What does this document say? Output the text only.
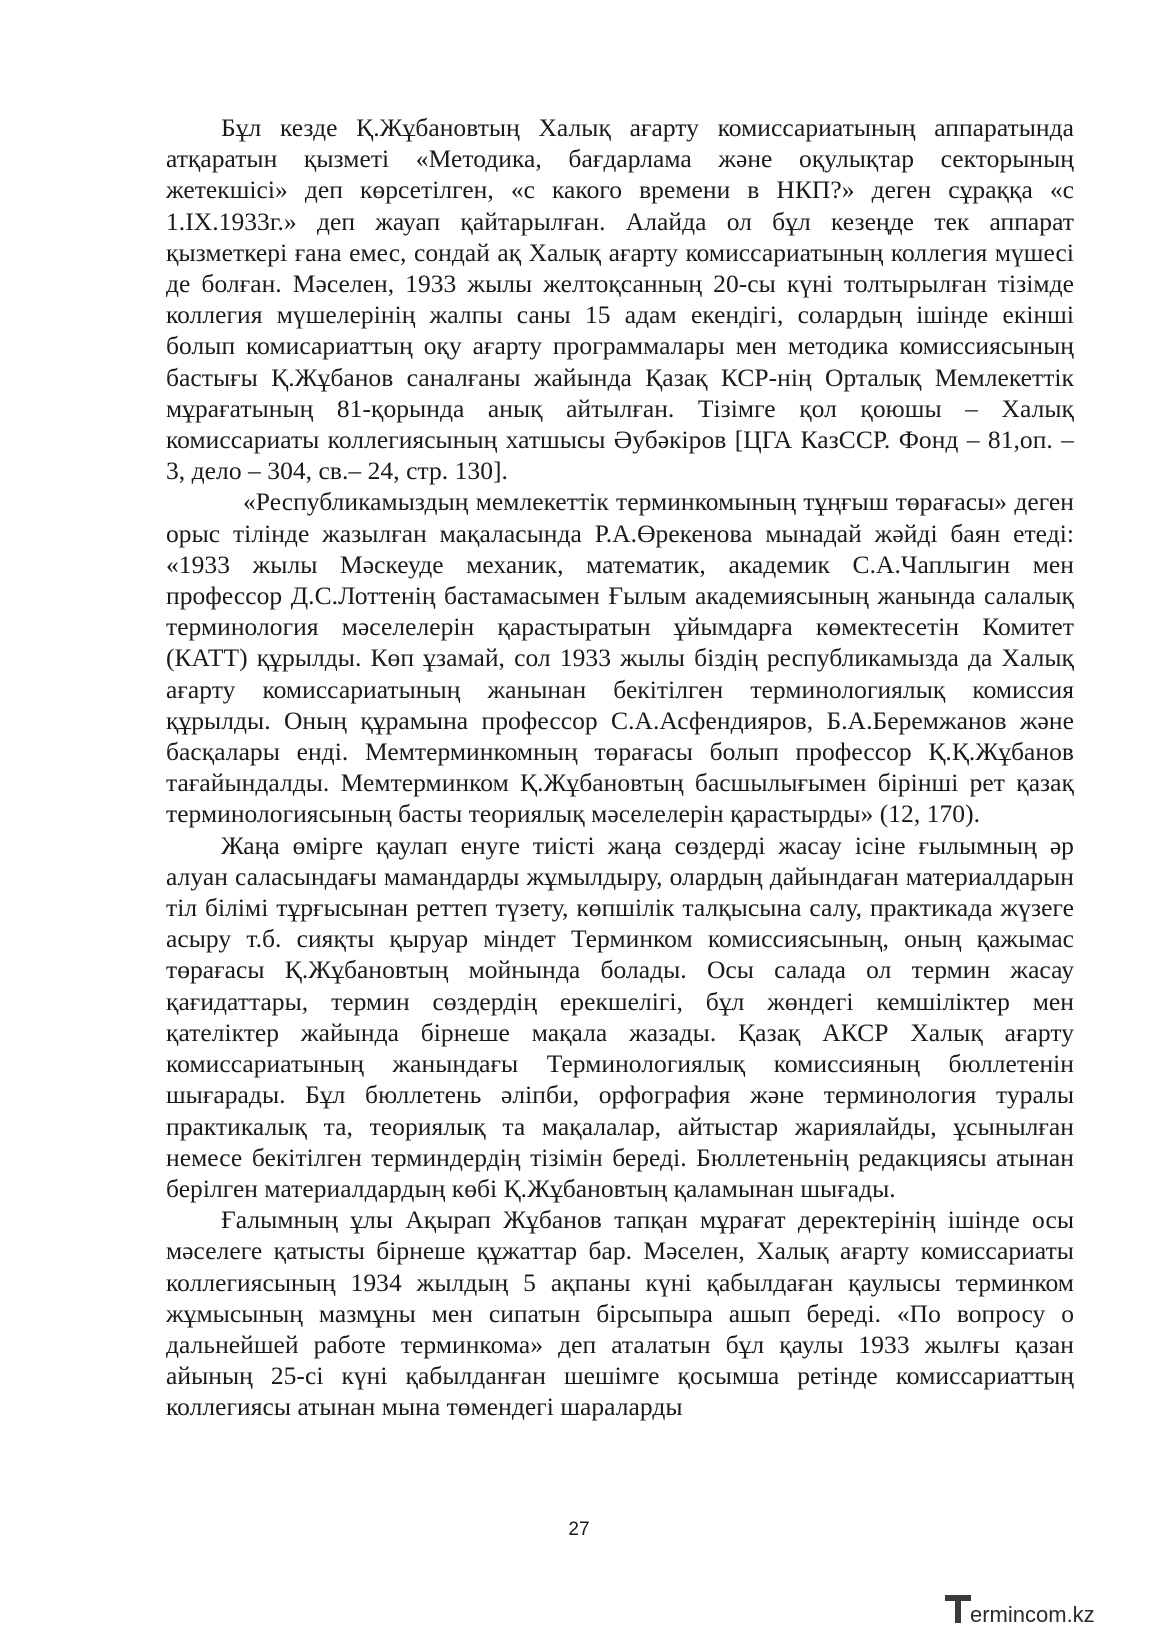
Бұл кезде Қ.Жұбановтың Халық ағарту комиссариатының аппаратында атқаратын қызметі «Методика, бағдарлама және оқулықтар секторының жетекшісі» деп көрсетілген, «с какого времени в НКП?» деген сұраққа «с 1.IX.1933г.» деп жауап қайтарылған. Алайда ол бұл кезеңде тек аппарат қызметкері ғана емес, сондай ақ Халық ағарту комиссариатының коллегия мүшесі де болған. Мәселен, 1933 жылы желтоқсанның 20-сы күні толтырылған тізімде коллегия мүшелерінің жалпы саны 15 адам екендігі, солардың ішінде екінші болып комисариаттың оқу ағарту программалары мен методика комиссиясының бастығы Қ.Жұбанов саналғаны жайында Қазақ КСР-нің Орталық Мемлекеттік мұрағатының 81-қорында анық айтылған. Тізімге қол қоюшы – Халық комиссариаты коллегиясының хатшысы Әубәкіров [ЦГА КазССР. Фонд – 81,оп. – 3, дело – 304, св.– 24, стр. 130].

«Республикамыздың мемлекеттік терминкомының тұңғыш төрағасы» деген орыс тілінде жазылған мақаласында Р.А.Өрекенова мынадай жәйді баян етеді: «1933 жылы Мәскеуде механик, математик, академик С.А.Чаплыгин мен профессор Д.С.Лоттенің бастамасымен Ғылым академиясының жанында салалық терминология мәселелерін қарастыратын ұйымдарға көмектесетін Комитет (КАТТ) құрылды. Көп ұзамай, сол 1933 жылы біздің республикамызда да Халық ағарту комиссариатының жанынан бекітілген терминологиялық комиссия құрылды. Оның құрамына профессор С.А.Асфендияров, Б.А.Беремжанов және басқалары енді. Мемтерминкомның төрағасы болып профессор Қ.Қ.Жұбанов тағайындалды. Мемтерминком Қ.Жұбановтың басшылығымен бірінші рет қазақ терминологиясының басты теориялық мәселелерін қарастырды» (12, 170).

Жаңа өмірге қаулап енуге тиісті жаңа сөздерді жасау ісіне ғылымның әр алуан саласындағы мамандарды жұмылдыру, олардың дайындаған материалдарын тіл білімі тұрғысынан реттеп түзету, көпшілік талқысына салу, практикада жүзеге асыру т.б. сияқты қыруар міндет Терминком комиссиясының, оның қажымас төрағасы Қ.Жұбановтың мойнында болады. Осы салада ол термин жасау қағидаттары, термин сөздердің ерекшелігі, бұл жөндегі кемшіліктер мен қателіктер жайында бірнеше мақала жазады. Қазақ АКСР Халық ағарту комиссариатының жанындағы Терминологиялық комиссияның бюллетенін шығарады. Бұл бюллетень әліпби, орфография және терминология туралы практикалық та, теориялық та мақалалар, айтыстар жариялайды, ұсынылған немесе бекітілген терминдердің тізімін береді. Бюллетеньнің редакциясы атынан берілген материалдардың көбі Қ.Жұбановтың қаламынан шығады.

Ғалымның ұлы Ақырап Жұбанов тапқан мұрағат деректерінің ішінде осы мәселеге қатысты бірнеше құжаттар бар. Мәселен, Халық ағарту комиссариаты коллегиясының 1934 жылдың 5 ақпаны күні қабылдаған қаулысы терминком жұмысының мазмұны мен сипатын бірсыпыра ашып береді. «По вопросу о дальнейшей работе терминкома» деп аталатын бұл қаулы 1933 жылғы қазан айының 25-сі күні қабылданған шешімге қосымша ретінде комиссариаттың коллегиясы атынан мына төмендегі шараларды

27
ermincom.kz
